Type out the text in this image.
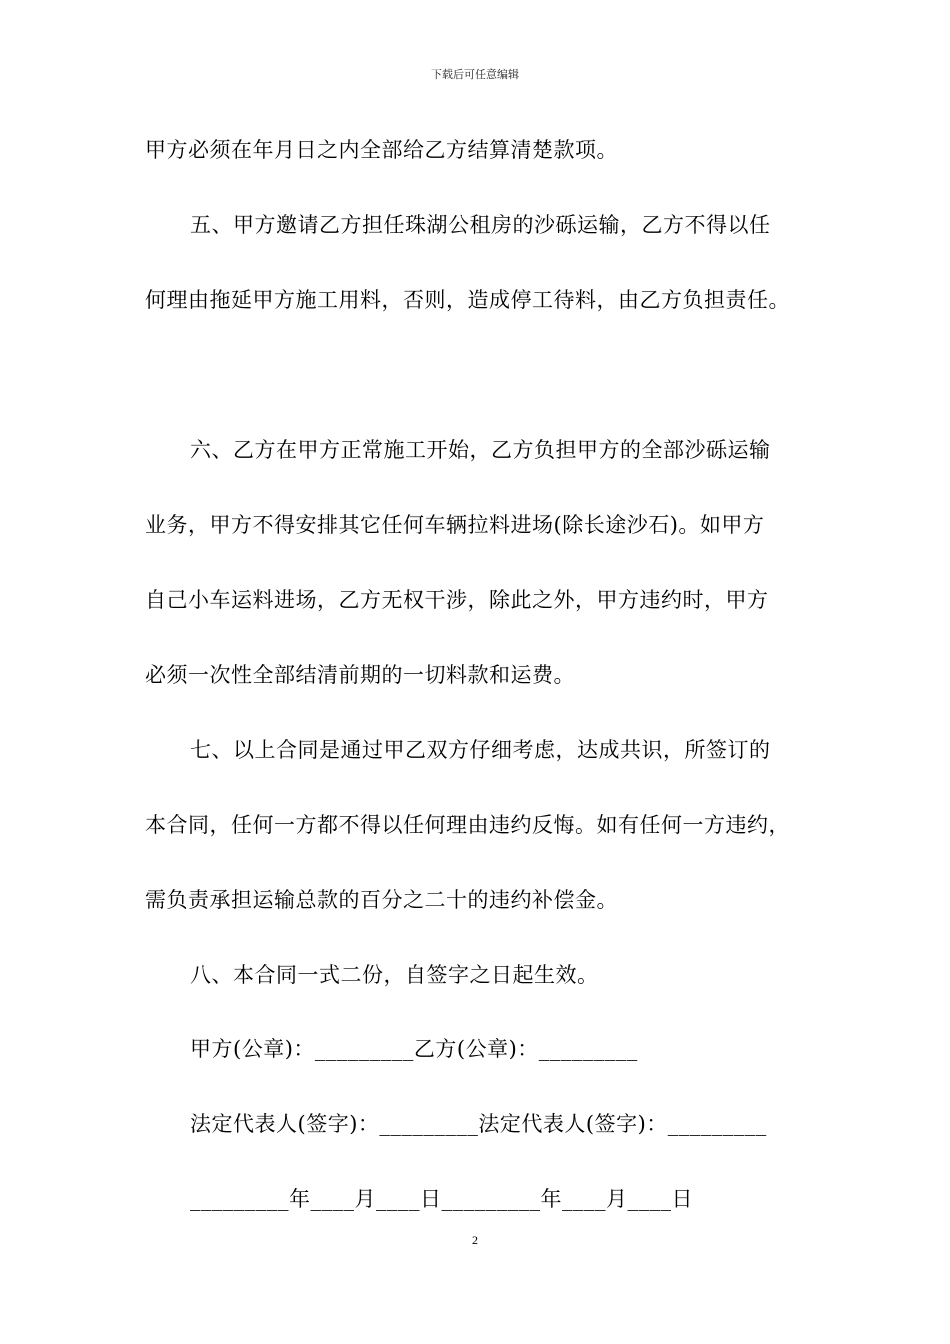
下载后可任意编辑
甲方必须在年月日之内全部给乙方结算清楚款项。
五、甲方邀请乙方担任珠湖公租房的沙砾运输，乙方不得以任
何理由拖延甲方施工用料，否则，造成停工待料，由乙方负担责任。
六、乙方在甲方正常施工开始，乙方负担甲方的全部沙砾运输
业务，甲方不得安排其它任何车辆拉料进场(除长途沙石)。如甲方
自己小车运料进场，乙方无权干涉，除此之外，甲方违约时，甲方
必须一次性全部结清前期的一切料款和运费。
七、以上合同是通过甲乙双方仔细考虑，达成共识，所签订的
本合同，任何一方都不得以任何理由违约反悔。如有任何一方违约，
需负责承担运输总款的百分之二十的违约补偿金。
八、本合同一式二份，自签字之日起生效。
甲方(公章)：_________乙方(公章)：_________
法定代表人(签字)：_________法定代表人(签字)：_________
_________年____月____日_________年____月____日
2
